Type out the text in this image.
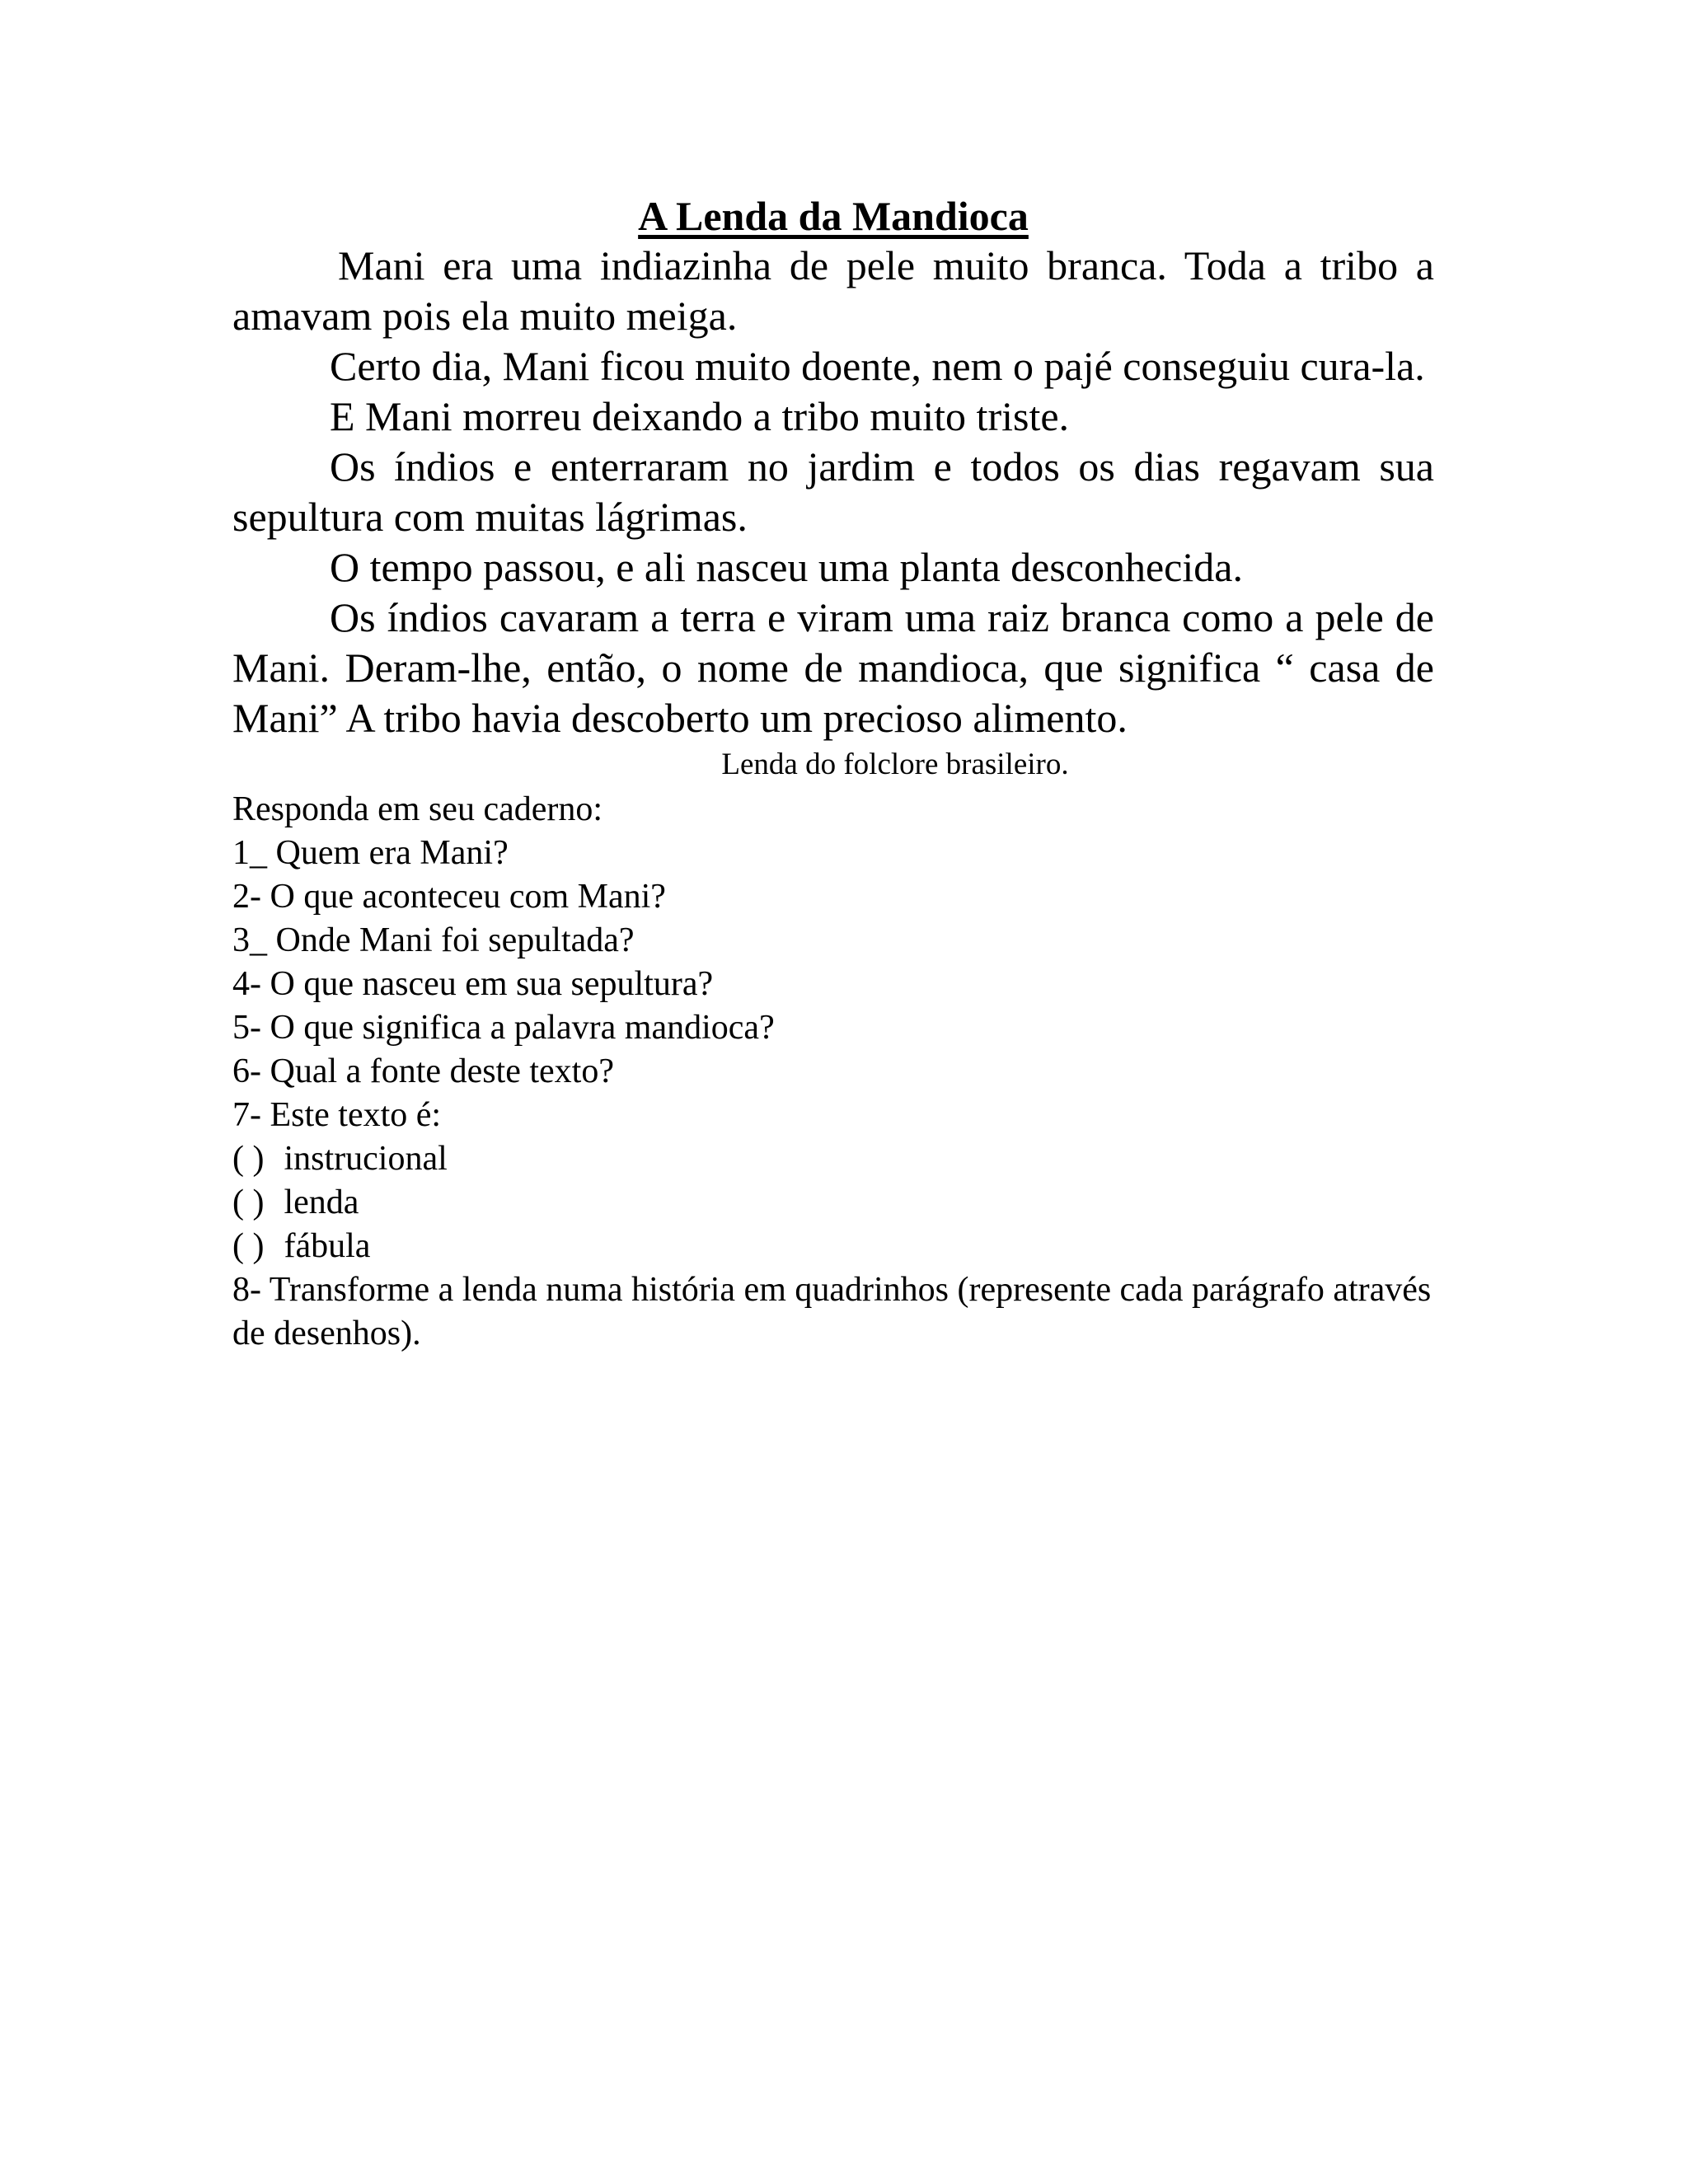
A Lenda da Mandioca

Mani era uma indiazinha de pele muito branca. Toda a tribo a amavam pois ela muito meiga.

Certo dia, Mani ficou muito doente, nem o pajé conseguiu cura-la.

E Mani morreu deixando a tribo muito triste.

Os índios e enterraram no jardim e todos os dias regavam sua sepultura com muitas lágrimas.

O tempo passou, e ali nasceu uma planta desconhecida.

Os índios cavaram a terra e viram uma raiz branca como a pele de Mani. Deram-lhe, então, o nome de mandioca, que significa “ casa de Mani” A tribo havia descoberto um precioso alimento.

Lenda do folclore brasileiro.

Responda em seu caderno:

1_ Quem era Mani?

2- O que aconteceu com Mani?

3_ Onde Mani foi sepultada?

4- O que nasceu em sua sepultura?

5- O que significa a palavra mandioca?

6- Qual a fonte deste texto?

7- Este texto é:

( ) instrucional

( ) lenda

( ) fábula

8- Transforme a lenda numa história em quadrinhos (represente cada parágrafo através de desenhos).
